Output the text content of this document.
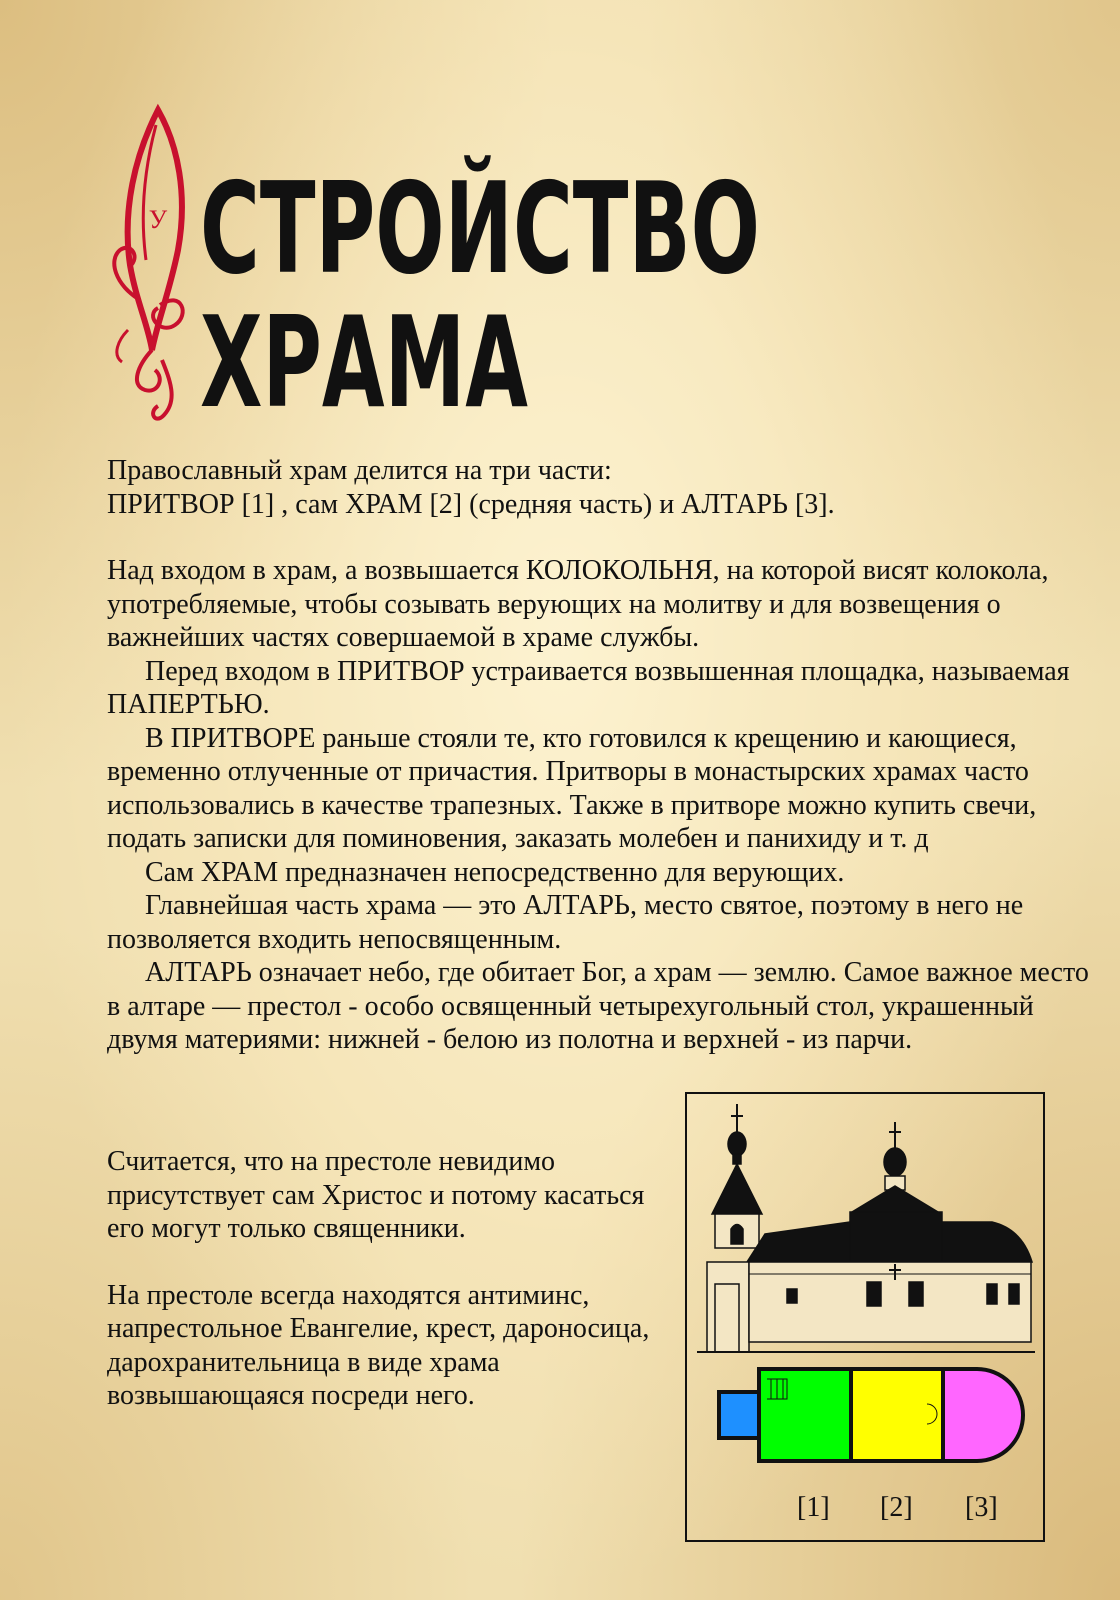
У СТРОЙСТВО
ХРАМА

Православный храм делится на три части:

ПРИТВОР [1] , сам ХРАМ [2] (средняя часть) и АЛТАРЬ [3].

Над входом в храм, а возвышается КОЛОКОЛЬНЯ, на которой висят колокола, употребляемые, чтобы созывать верующих на молитву и для возвещения о важнейших частях совершаемой в храме службы.

Перед входом в ПРИТВОР устраивается возвышенная площадка, называемая ПАПЕРТЬЮ.

В ПРИТВОРЕ раньше стояли те, кто готовился к крещению и кающиеся, временно отлученные от причастия. Притворы в монастырских храмах часто использовались в качестве трапезных. Также в притворе можно купить свечи, подать записки для поминовения, заказать молебен и панихиду и т. д

Сам ХРАМ предназначен непосредственно для верующих.

Главнейшая часть храма — это АЛТАРЬ, место святое, поэтому в него не позволяется входить непосвященным.

АЛТАРЬ означает небо, где обитает Бог, а храм — землю. Самое важное место в алтаре — престол - особо освященный четырехугольный стол, украшенный двумя материями: нижней - белою из полотна и верхней - из парчи.

Считается, что на престоле невидимо присутствует сам Христос и потому касаться его могут только священники.

На престоле всегда находятся антиминс, напрестольное Евангелие, крест, дароносица, дарохранительница в виде храма возвышающаяся посреди него.

[1] [2] [3]
